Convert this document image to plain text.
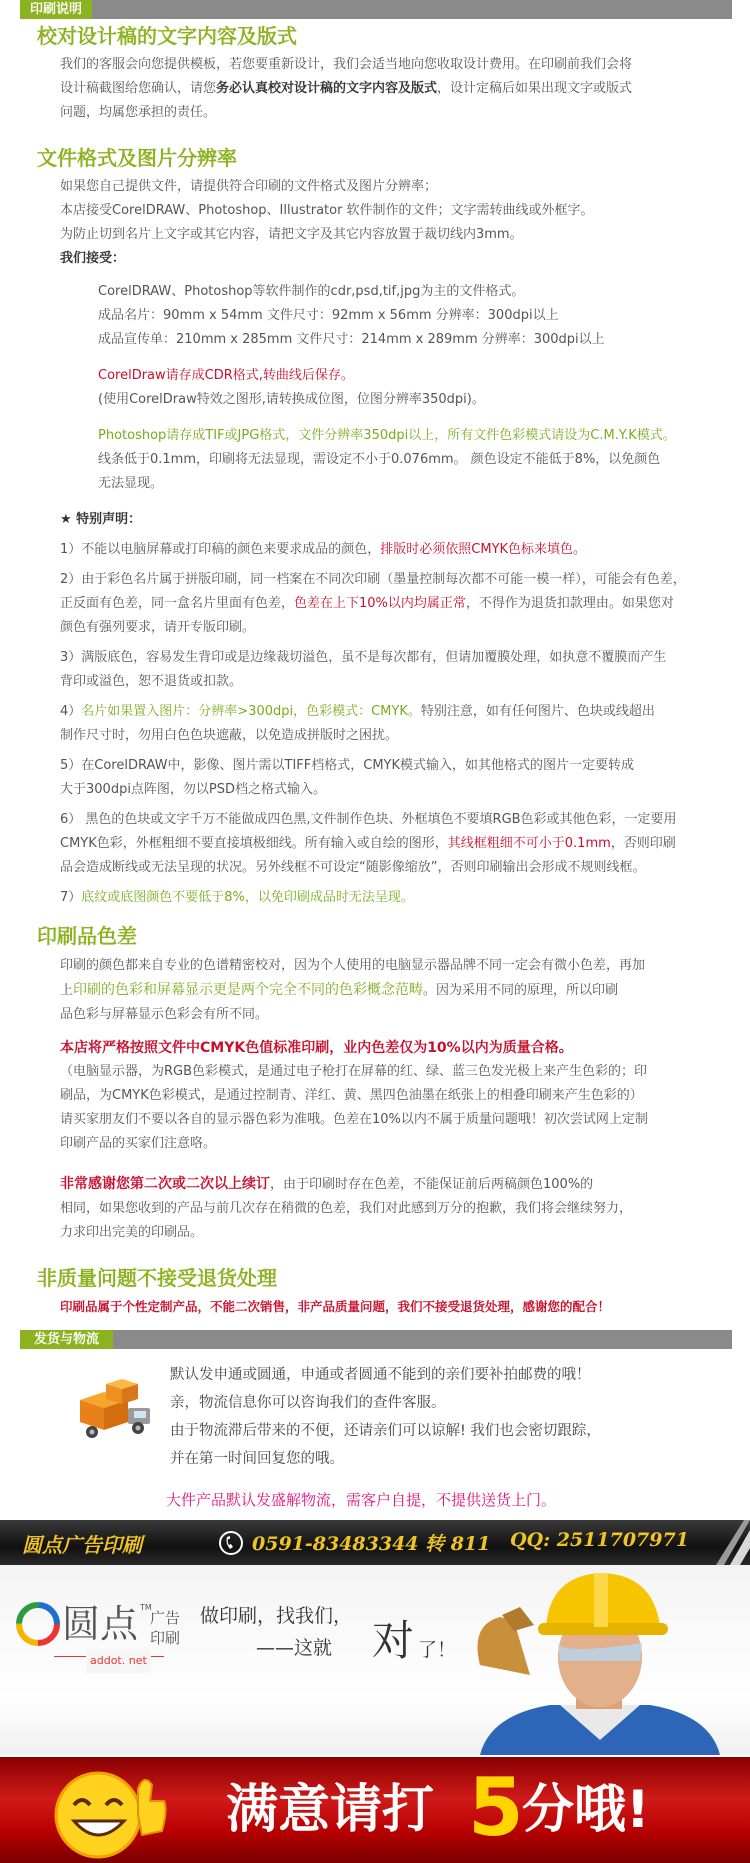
印刷说明
校对设计稿的文字内容及版式

我们的客服会向您提供模板，若您要重新设计，我们会适当地向您收取设计费用。在印刷前我们会将

设计稿截图给您确认，请您务必认真校对设计稿的文字内容及版式，设计定稿后如果出现文字或版式

问题，均属您承担的责任。

文件格式及图片分辨率

如果您自己提供文件，请提供符合印刷的文件格式及图片分辨率；

本店接受CorelDRAW、Photoshop、Illustrator 软件制作的文件；文字需转曲线或外框字。

为防止切到名片上文字或其它内容，请把文字及其它内容放置于裁切线内3mm。

我们接受：

CorelDRAW、Photoshop等软件制作的cdr,psd,tif,jpg为主的文件格式。

成品名片：90mm x 54mm 文件尺寸：92mm x 56mm 分辨率：300dpi以上

成品宣传单：210mm x 285mm 文件尺寸：214mm x 289mm 分辨率：300dpi以上

CorelDraw请存成CDR格式,转曲线后保存。

(使用CorelDraw特效之图形,请转换成位图，位图分辨率350dpi)。

Photoshop请存成TIF或JPG格式，文件分辨率350dpi以上，所有文件色彩模式请设为C.M.Y.K模式。

线条低于0.1mm，印刷将无法显现，需设定不小于0.076mm。 颜色设定不能低于8%，以免颜色

无法显现。

★ 特别声明：

1）不能以电脑屏幕或打印稿的颜色来要求成品的颜色，排版时必须依照CMYK色标来填色。

2）由于彩色名片属于拼版印刷，同一档案在不同次印刷（墨量控制每次都不可能一模一样），可能会有色差，

正反面有色差，同一盒名片里面有色差，色差在上下10%以内均属正常，不得作为退货扣款理由。如果您对

颜色有强列要求，请开专版印刷。

3）满版底色，容易发生背印或是边缘裁切溢色，虽不是每次都有，但请加覆膜处理，如执意不覆膜而产生

背印或溢色，恕不退货或扣款。

4）名片如果置入图片：分辨率>300dpi，色彩模式：CMYK。特别注意，如有任何图片、色块或线超出

制作尺寸时，勿用白色色块遮蔽，以免造成拼版时之困扰。

5）在CorelDRAW中，影像、图片需以TIFF档格式，CMYK模式输入，如其他格式的图片一定要转成

大于300dpi点阵图，勿以PSD档之格式输入。

6） 黑色的色块或文字千万不能做成四色黑,文件制作色块、外框填色不要填RGB色彩或其他色彩，一定要用

CMYK色彩，外框粗细不要直接填极细线。所有输入或自绘的图形，其线框粗细不可小于0.1mm，否则印刷

品会造成断线或无法呈现的状况。另外线框不可设定“随影像缩放”，否则印刷输出会形成不规则线框。

7）底纹或底图颜色不要低于8%，以免印刷成品时无法呈现。

印刷品色差

印刷的颜色都来自专业的色谱精密校对，因为个人使用的电脑显示器品牌不同一定会有微小色差，再加

上印刷的色彩和屏幕显示更是两个完全不同的色彩概念范畴。因为采用不同的原理，所以印刷

品色彩与屏幕显示色彩会有所不同。

本店将严格按照文件中CMYK色值标准印刷，业内色差仅为10%以内为质量合格。

（电脑显示器，为RGB色彩模式，是通过电子枪打在屏幕的红、绿、蓝三色发光极上来产生色彩的；印

刷品，为CMYK色彩模式，是通过控制青、洋红、黄、黑四色油墨在纸张上的相叠印刷来产生色彩的）

请买家朋友们不要以各自的显示器色彩为准哦。色差在10%以内不属于质量问题哦！初次尝试网上定制

印刷产品的买家们注意咯。

非常感谢您第二次或二次以上续订，由于印刷时存在色差，不能保证前后两稿颜色100%的

相同，如果您收到的产品与前几次存在稍微的色差，我们对此感到万分的抱歉，我们将会继续努力，

力求印出完美的印刷品。

非质量问题不接受退货处理
印刷品属于个性定制产品，不能二次销售，非产品质量问题，我们不接受退货处理，感谢您的配合！
发货与物流

默认发申通或圆通，申通或者圆通不能到的亲们要补拍邮费的哦！

亲，物流信息你可以咨询我们的查件客服。

由于物流滞后带来的不便，还请亲们可以谅解! 我们也会密切跟踪，

并在第一时间回复您的哦。

大件产品默认发盛解物流，需客户自提，不提供送货上门。
圆点广告印刷	0591-83483344 转 811 QQ: 2511707971
圆点 TM
广告
印刷
addot. net
做印刷，找我们，
——这就 对 了！
满意请打 5
分哦!
